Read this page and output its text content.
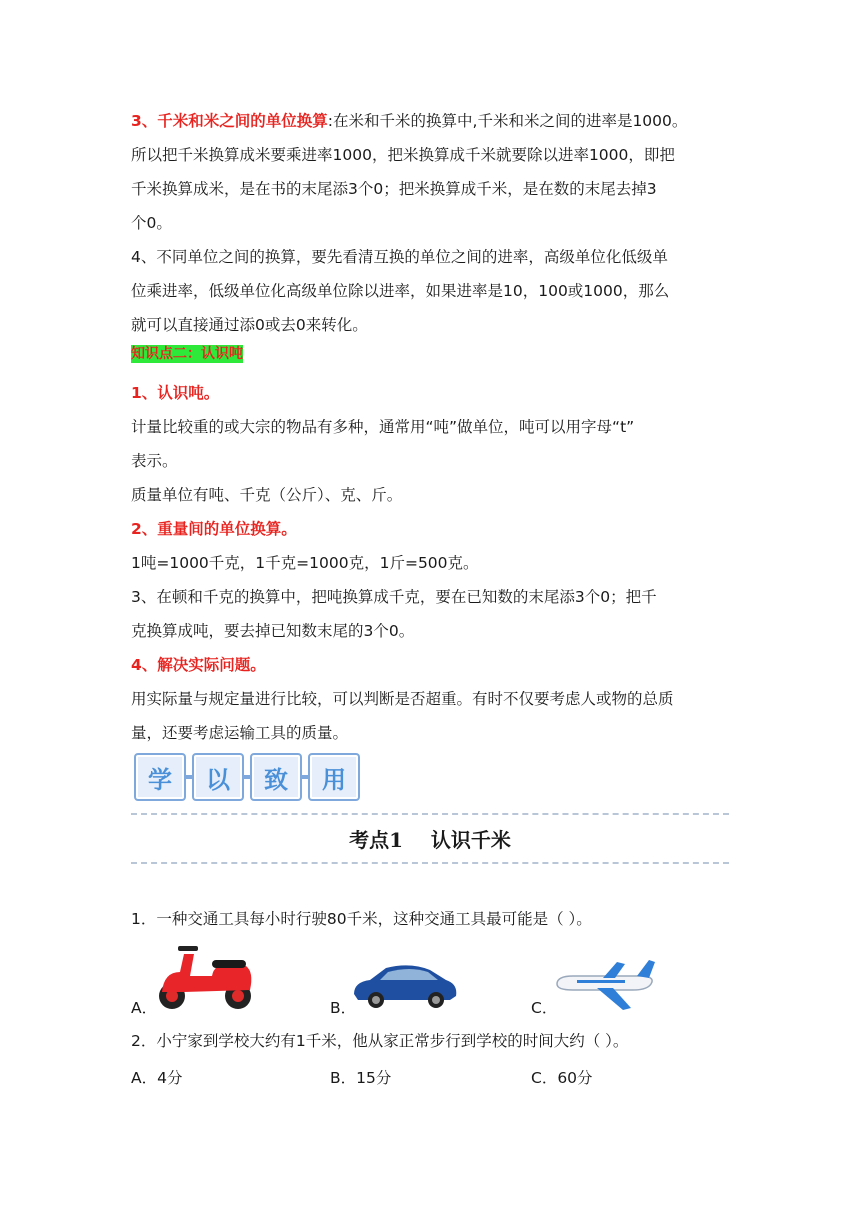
3、千米和米之间的单位换算:在米和千米的换算中,千米和米之间的进率是1000。

所以把千米换算成米要乘进率1000，把米换算成千米就要除以进率1000，即把

千米换算成米，是在书的末尾添3个0；把米换算成千米，是在数的末尾去掉3

个0。

4、不同单位之间的换算，要先看清互换的单位之间的进率，高级单位化低级单

位乘进率，低级单位化高级单位除以进率，如果进率是10，100或1000，那么

就可以直接通过添0或去0来转化。

知识点二：认识吨

1、认识吨。

计量比较重的或大宗的物品有多种，通常用“吨”做单位，吨可以用字母“t”

表示。

质量单位有吨、千克（公斤）、克、斤。

2、重量间的单位换算。

1吨=1000千克，1千克=1000克，1斤=500克。

3、在顿和千克的换算中，把吨换算成千克，要在已知数的末尾添3个0；把千

克换算成吨，要去掉已知数末尾的3个0。

4、解决实际问题。

用实际量与规定量进行比较，可以判断是否超重。有时不仅要考虑人或物的总质

量，还要考虑运输工具的质量。

学	以	致	用
考点1    认识千米

1．一种交通工具每小时行驶80千米，这种交通工具最可能是（ ）。

A．	B．	C．

2．小宁家到学校大约有1千米，他从家正常步行到学校的时间大约（ ）。

A．4分	B．15分	C．60分
